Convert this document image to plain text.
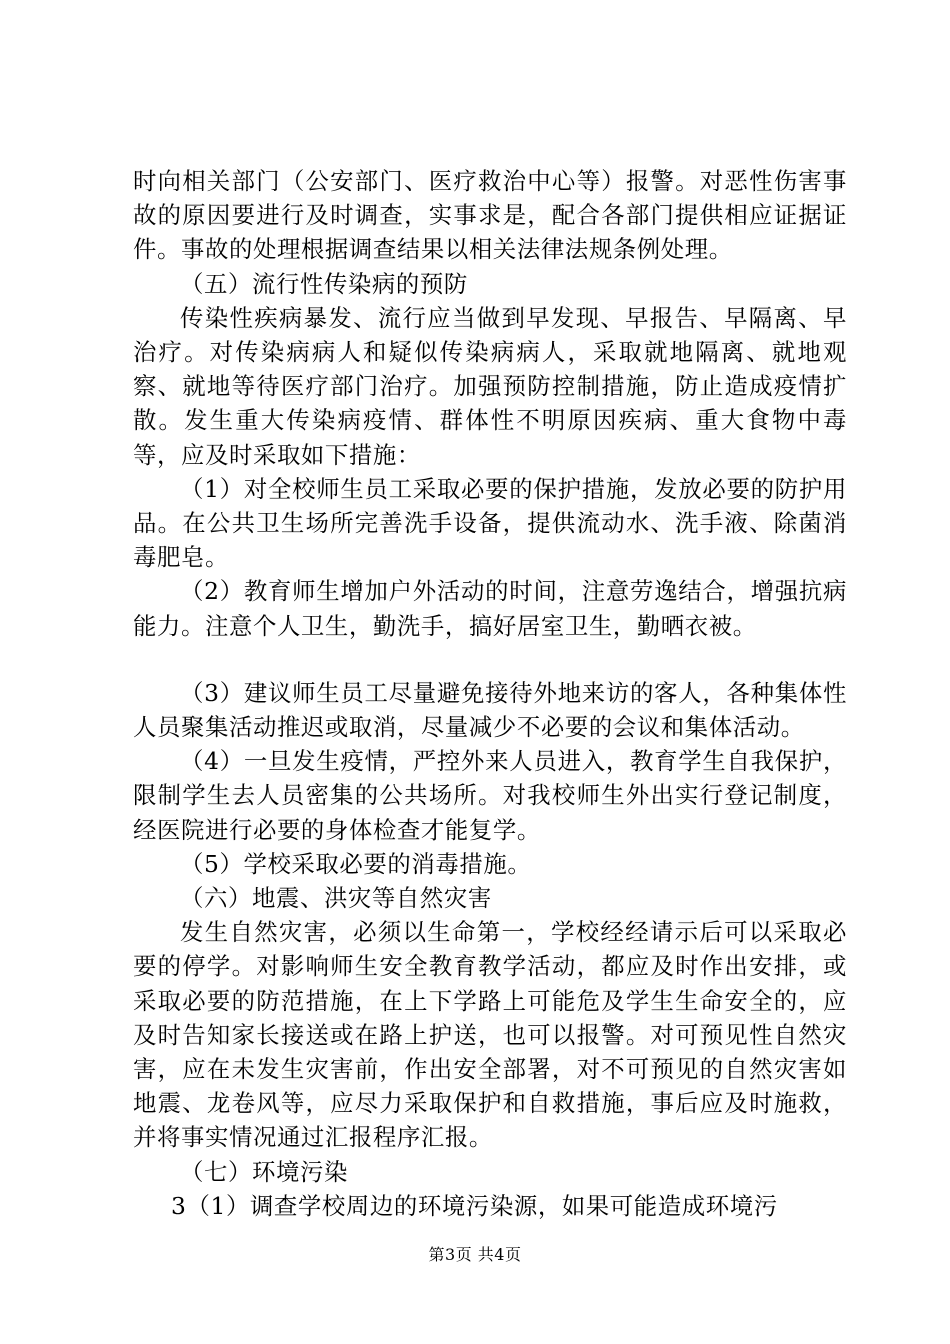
时向相关部门（公安部门、医疗救治中心等）报警。对恶性伤害事故的原因要进行及时调查，实事求是，配合各部门提供相应证据证件。事故的处理根据调查结果以相关法律法规条例处理。

（五）流行性传染病的预防

传染性疾病暴发、流行应当做到早发现、早报告、早隔离、早治疗。对传染病病人和疑似传染病病人，采取就地隔离、就地观察、就地等待医疗部门治疗。加强预防控制措施，防止造成疫情扩散。发生重大传染病疫情、群体性不明原因疾病、重大食物中毒等，应及时采取如下措施：

（1）对全校师生员工采取必要的保护措施，发放必要的防护用品。在公共卫生场所完善洗手设备，提供流动水、洗手液、除菌消毒肥皂。

（2）教育师生增加户外活动的时间，注意劳逸结合，增强抗病能力。注意个人卫生，勤洗手，搞好居室卫生，勤晒衣被。

（3）建议师生员工尽量避免接待外地来访的客人，各种集体性人员聚集活动推迟或取消，尽量减少不必要的会议和集体活动。

（4）一旦发生疫情，严控外来人员进入，教育学生自我保护，限制学生去人员密集的公共场所。对我校师生外出实行登记制度，经医院进行必要的身体检查才能复学。

（5）学校采取必要的消毒措施。

（六）地震、洪灾等自然灾害

发生自然灾害，必须以生命第一，学校经经请示后可以采取必要的停学。对影响师生安全教育教学活动，都应及时作出安排，或采取必要的防范措施，在上下学路上可能危及学生生命安全的，应及时告知家长接送或在路上护送，也可以报警。对可预见性自然灾害，应在未发生灾害前，作出安全部署，对不可预见的自然灾害如地震、龙卷风等，应尽力采取保护和自救措施，事后应及时施救，并将事实情况通过汇报程序汇报。

（七）环境污染

3（1）调查学校周边的环境污染源，如果可能造成环境污

第3页 共4页
